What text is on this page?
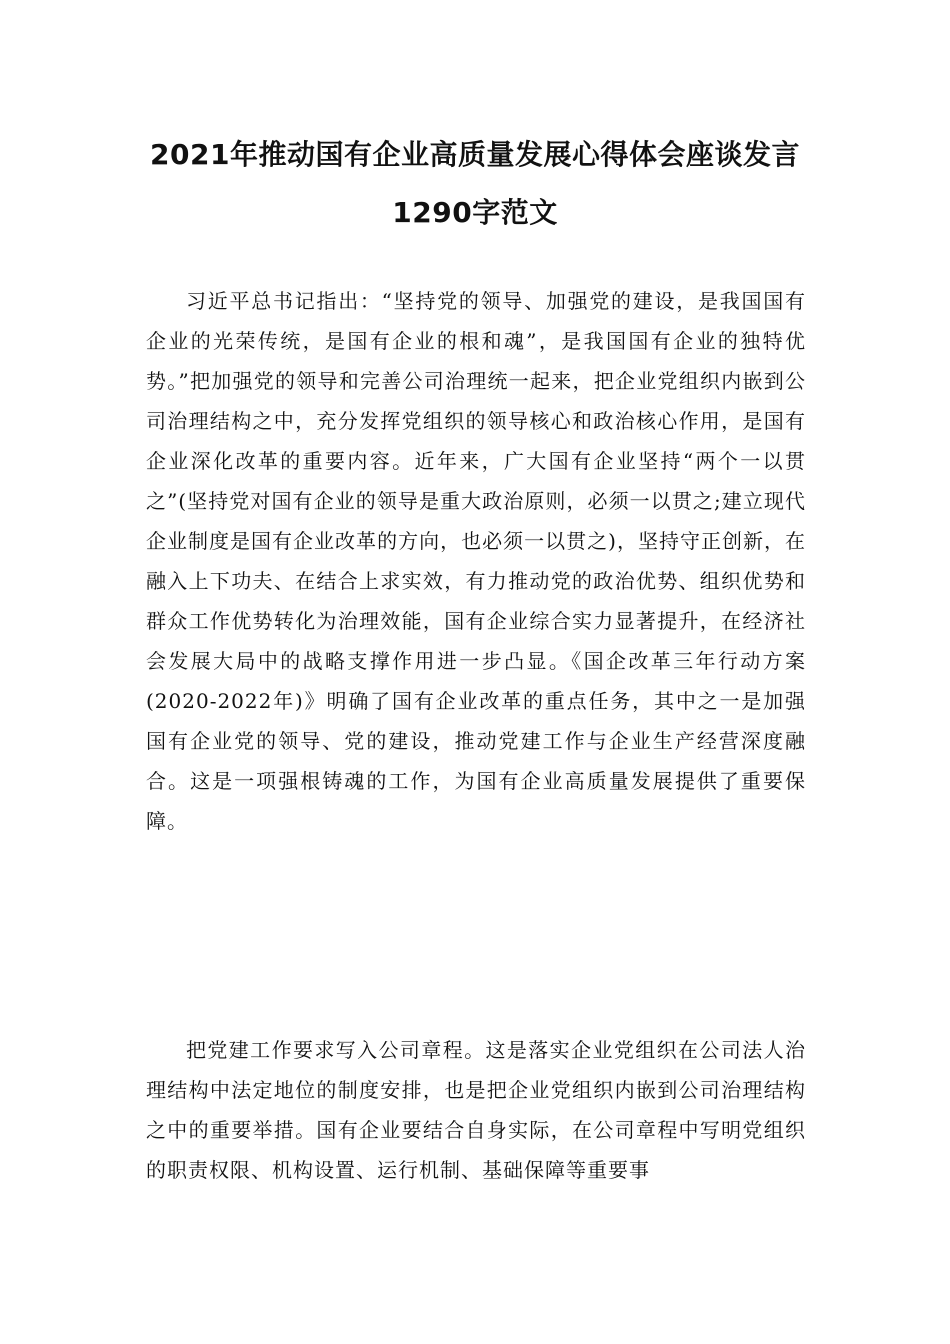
2021年推动国有企业高质量发展心得体会座谈发言
1290字范文

习近平总书记指出：“坚持党的领导、加强党的建设，是我国国有企业的光荣传统，是国有企业的根和魂”，是我国国有企业的独特优势。”把加强党的领导和完善公司治理统一起来，把企业党组织内嵌到公司治理结构之中，充分发挥党组织的领导核心和政治核心作用，是国有企业深化改革的重要内容。近年来，广大国有企业坚持“两个一以贯之”(坚持党对国有企业的领导是重大政治原则，必须一以贯之;建立现代企业制度是国有企业改革的方向，也必须一以贯之)，坚持守正创新，在融入上下功夫、在结合上求实效，有力推动党的政治优势、组织优势和群众工作优势转化为治理效能，国有企业综合实力显著提升，在经济社会发展大局中的战略支撑作用进一步凸显。《国企改革三年行动方案(2020-2022年)》明确了国有企业改革的重点任务，其中之一是加强国有企业党的领导、党的建设，推动党建工作与企业生产经营深度融合。这是一项强根铸魂的工作，为国有企业高质量发展提供了重要保障。

把党建工作要求写入公司章程。这是落实企业党组织在公司法人治理结构中法定地位的制度安排，也是把企业党组织内嵌到公司治理结构之中的重要举措。国有企业要结合自身实际，在公司章程中写明党组织的职责权限、机构设置、运行机制、基础保障等重要事
